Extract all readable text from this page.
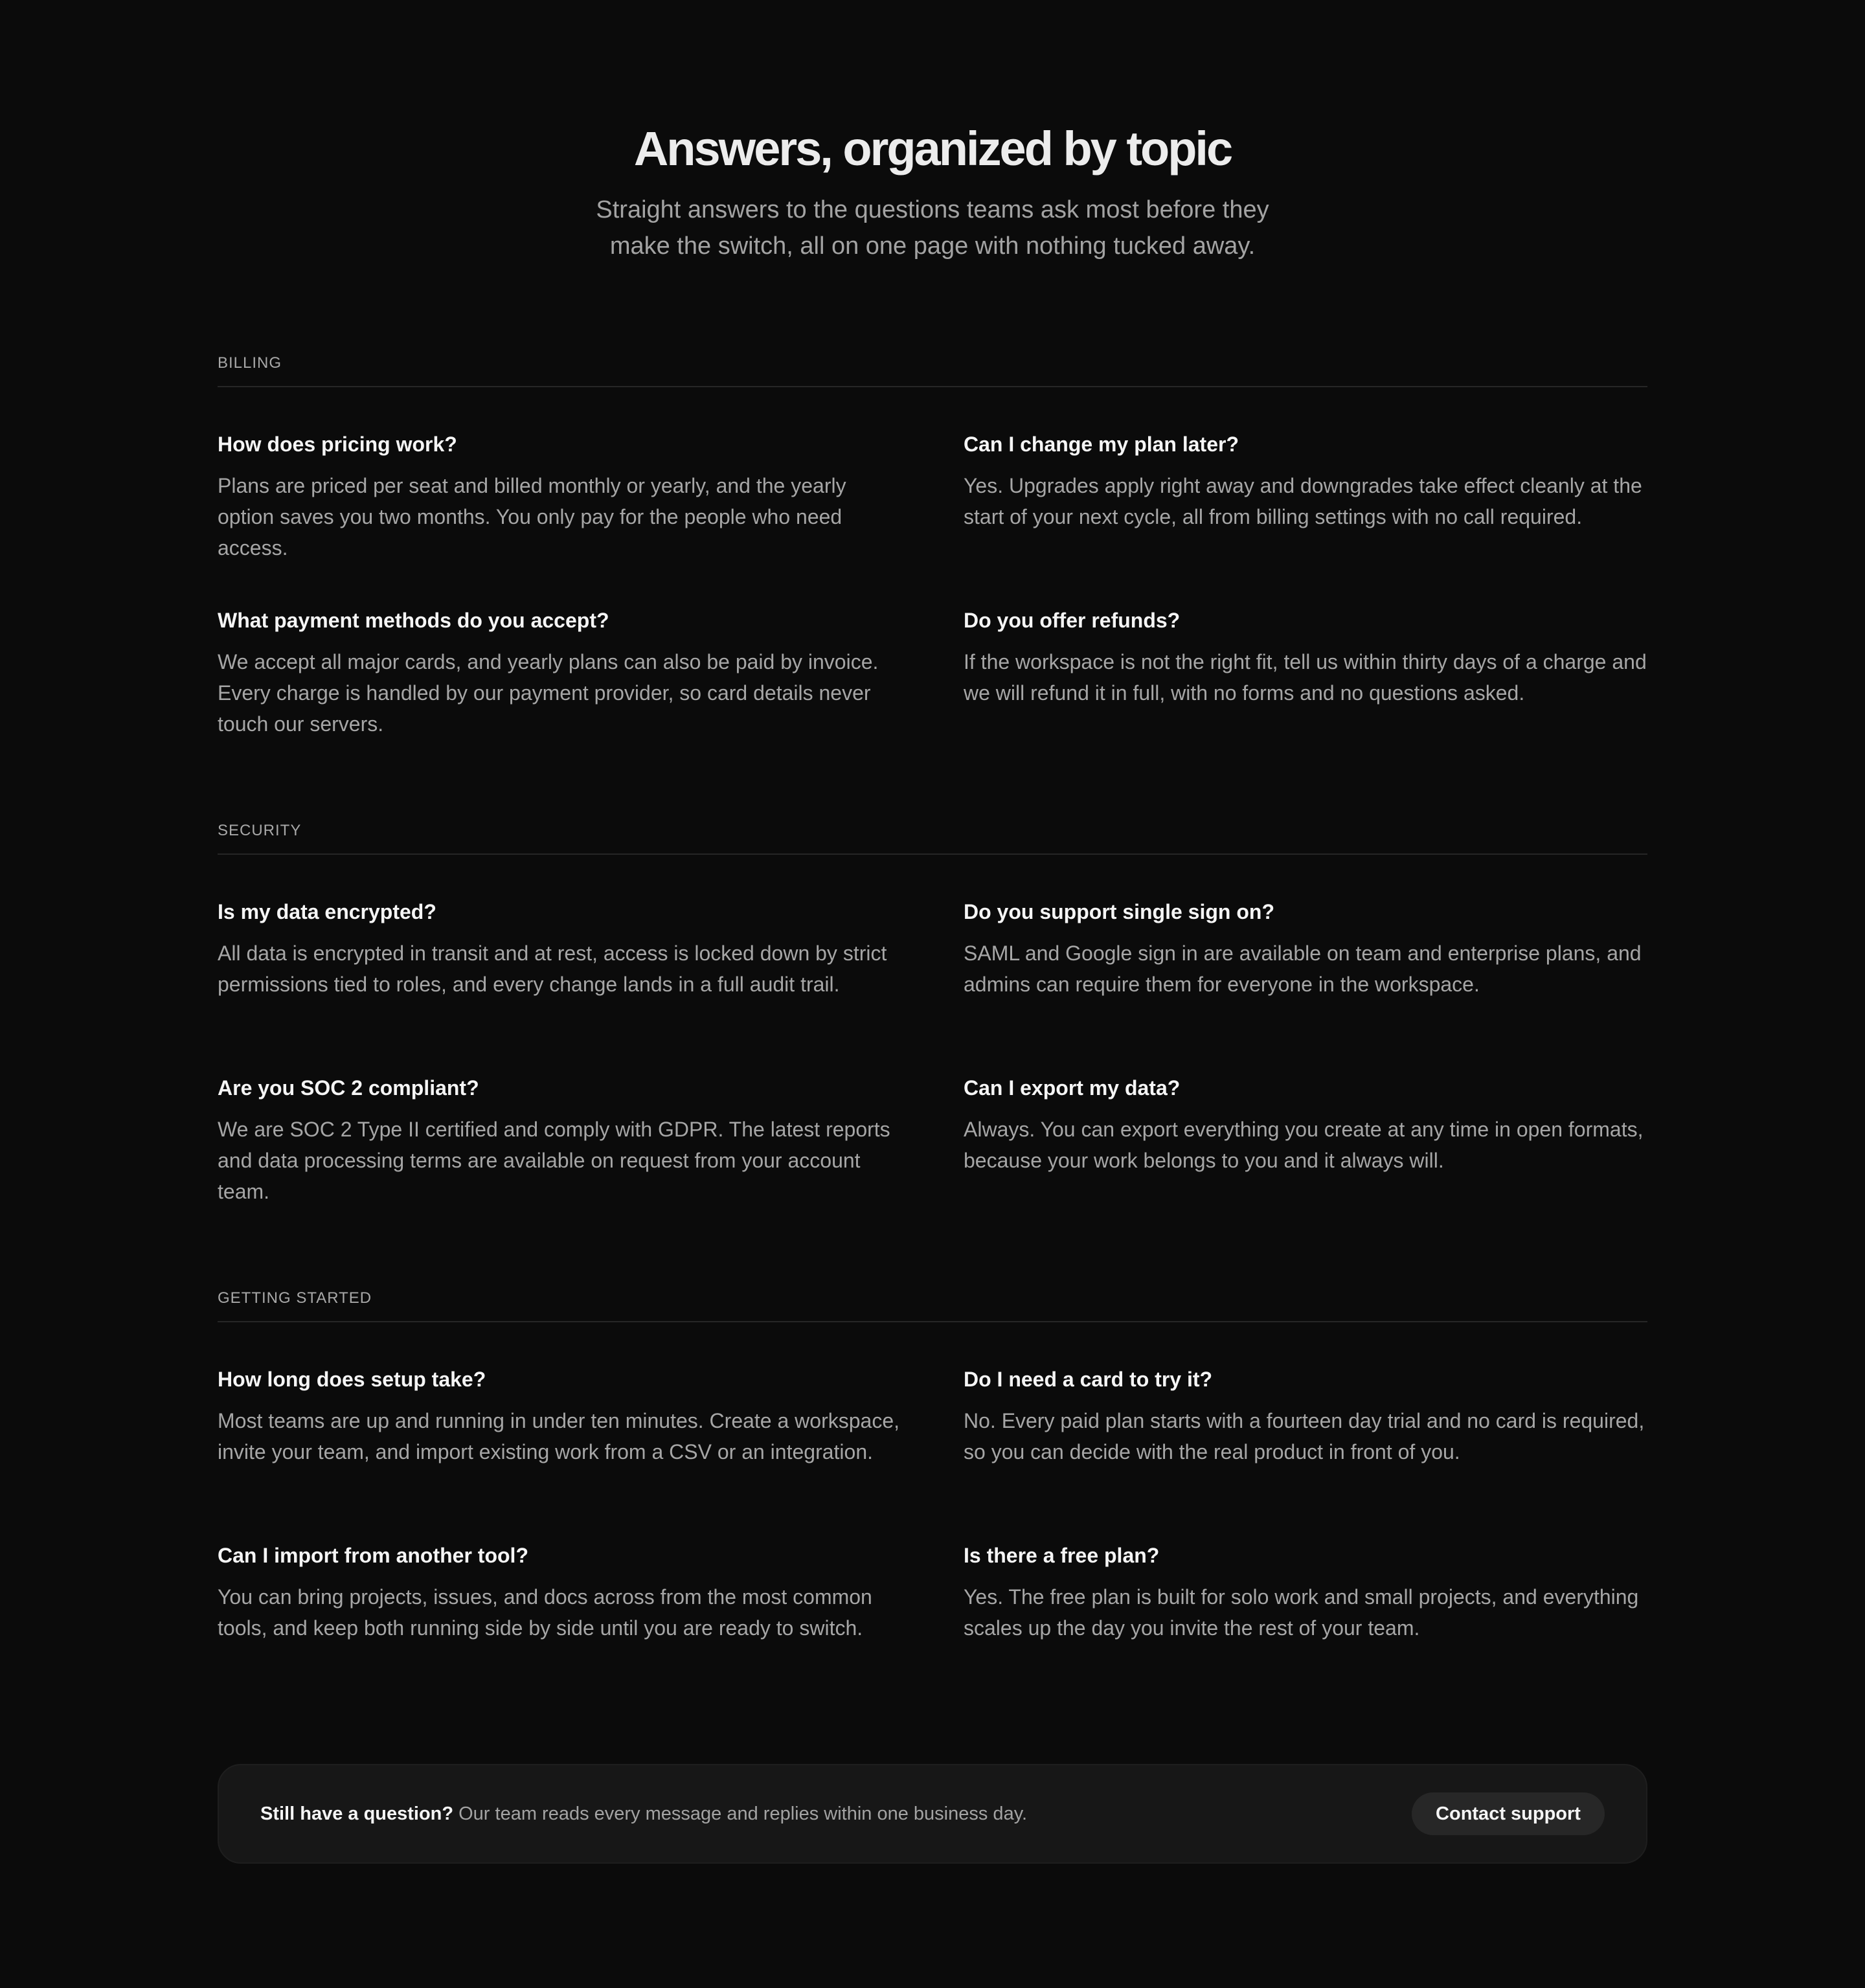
Answers, organized by topic

Straight answers to the questions teams ask most before they make the switch, all on one page with nothing tucked away.

BILLING
How does pricing work?

Plans are priced per seat and billed monthly or yearly, and the yearly option saves you two months. You only pay for the people who need access.

Can I change my plan later?

Yes. Upgrades apply right away and downgrades take effect cleanly at the start of your next cycle, all from billing settings with no call required.

What payment methods do you accept?

We accept all major cards, and yearly plans can also be paid by invoice. Every charge is handled by our payment provider, so card details never touch our servers.

Do you offer refunds?

If the workspace is not the right fit, tell us within thirty days of a charge and we will refund it in full, with no forms and no questions asked.

SECURITY
Is my data encrypted?

All data is encrypted in transit and at rest, access is locked down by strict permissions tied to roles, and every change lands in a full audit trail.

Do you support single sign on?

SAML and Google sign in are available on team and enterprise plans, and admins can require them for everyone in the workspace.

Are you SOC 2 compliant?

We are SOC 2 Type II certified and comply with GDPR. The latest reports and data processing terms are available on request from your account team.

Can I export my data?

Always. You can export everything you create at any time in open formats, because your work belongs to you and it always will.

GETTING STARTED
How long does setup take?

Most teams are up and running in under ten minutes. Create a workspace, invite your team, and import existing work from a CSV or an integration.

Do I need a card to try it?

No. Every paid plan starts with a fourteen day trial and no card is required, so you can decide with the real product in front of you.

Can I import from another tool?

You can bring projects, issues, and docs across from the most common tools, and keep both running side by side until you are ready to switch.

Is there a free plan?

Yes. The free plan is built for solo work and small projects, and everything scales up the day you invite the rest of your team.

Still have a question? Our team reads every message and replies within one business day.	Contact support
